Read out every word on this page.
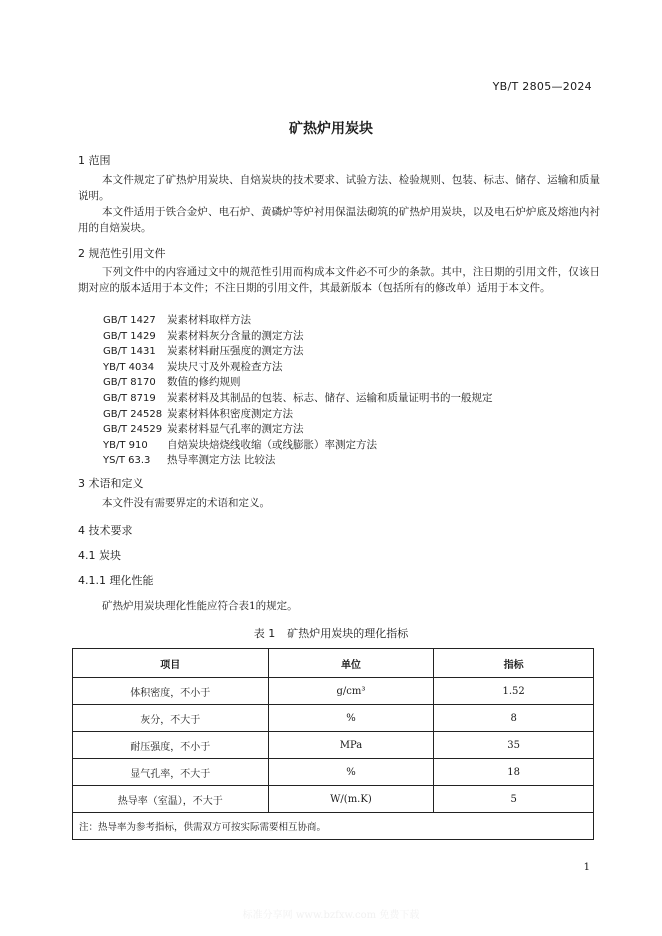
YB/T 2805—2024
矿热炉用炭块
1 范围
本文件规定了矿热炉用炭块、自焙炭块的技术要求、试验方法、检验规则、包装、标志、储存、运输和质量说明。
本文件适用于铁合金炉、电石炉、黄磷炉等炉衬用保温法砌筑的矿热炉用炭块，以及电石炉炉底及熔池内衬用的自焙炭块。
2 规范性引用文件
下列文件中的内容通过文中的规范性引用而构成本文件必不可少的条款。其中，注日期的引用文件，仅该日期对应的版本适用于本文件；不注日期的引用文件，其最新版本（包括所有的修改单）适用于本文件。
GB/T 1427	炭素材料取样方法
GB/T 1429	炭素材料灰分含量的测定方法
GB/T 1431	炭素材料耐压强度的测定方法
YB/T 4034	炭块尺寸及外观检查方法
GB/T 8170	数值的修约规则
GB/T 8719	炭素材料及其制品的包装、标志、储存、运输和质量证明书的一般规定
GB/T 24528 炭素材料体积密度测定方法
GB/T 24529 炭素材料显气孔率的测定方法
YB/T 910	自焙炭块焙烧线收缩（或线膨胀）率测定方法
YS/T 63.3	热导率测定方法 比较法
3 术语和定义
本文件没有需要界定的术语和定义。
4 技术要求
4.1 炭块
4.1.1 理化性能
矿热炉用炭块理化性能应符合表1的规定。
表 1 矿热炉用炭块的理化指标
项目	单位	指标
体积密度，不小于	g/cm³	1.52
灰分，不大于	%	8
耐压强度，不小于	MPa	35
显气孔率，不大于	%	18
热导率（室温），不大于	W/(m.K)	5
注：热导率为参考指标，供需双方可按实际需要相互协商。		
1
标准分享网 www.bzfxw.com 免费下载
